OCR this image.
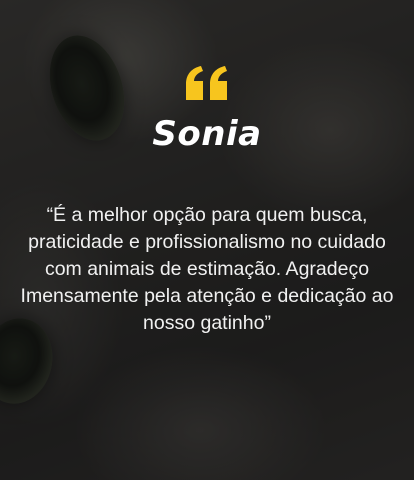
Sonia

“É a melhor opção para quem busca, praticidade e profissionalismo no cuidado com animais de estimação. Agradeço Imensamente pela atenção e dedicação ao nosso gatinho”
